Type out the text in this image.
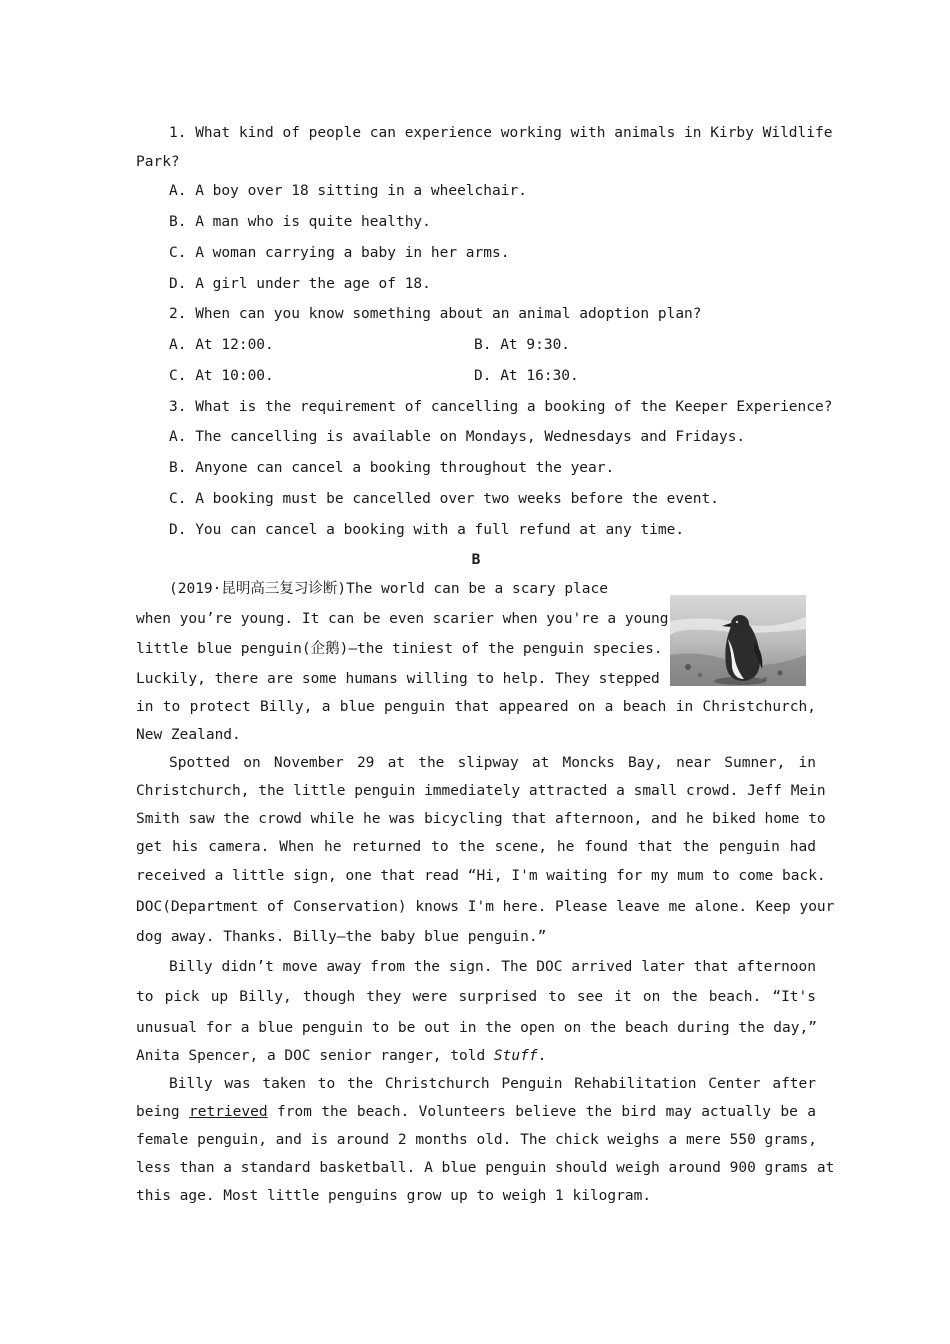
1. What kind of people can experience working with animals in Kirby Wildlife
Park?
A. A boy over 18 sitting in a wheelchair.
B. A man who is quite healthy.
C. A woman carrying a baby in her arms.
D. A girl under the age of 18.
2. When can you know something about an animal adoption plan?
A. At 12:00.	B. At 9:30.
C. At 10:00.	D. At 16:30.
3. What is the requirement of cancelling a booking of the Keeper Experience?
A. The cancelling is available on Mondays, Wednesdays and Fridays.
B. Anyone can cancel a booking throughout the year.
C. A booking must be cancelled over two weeks before the event.
D. You can cancel a booking with a full refund at any time.
B
(2019·昆明高三复习诊断)The world can be a scary place
when you’re young. It can be even scarier when you're a young
little blue penguin(企鹅)—the tiniest of the penguin species.
Luckily, there are some humans willing to help. They stepped
in to protect Billy, a blue penguin that appeared on a beach in Christchurch,
New Zealand.
Spotted on November 29 at the slipway at Moncks Bay, near Sumner, in
Christchurch, the little penguin immediately attracted a small crowd. Jeff Mein
Smith saw the crowd while he was bicycling that afternoon, and he biked home to
get his camera. When he returned to the scene, he found that the penguin had
received a little sign, one that read “Hi, I'm waiting for my mum to come back.
DOC(Department of Conservation) knows I'm here. Please leave me alone. Keep your
dog away. Thanks. Billy—the baby blue penguin.”
Billy didn’t move away from the sign. The DOC arrived later that afternoon
to pick up Billy, though they were surprised to see it on the beach. “It's
unusual for a blue penguin to be out in the open on the beach during the day,”
Anita Spencer, a DOC senior ranger, told Stuff.
Billy was taken to the Christchurch Penguin Rehabilitation Center after
being retrieved from the beach. Volunteers believe the bird may actually be a
female penguin, and is around 2 months old. The chick weighs a mere 550 grams,
less than a standard basketball. A blue penguin should weigh around 900 grams at
this age. Most little penguins grow up to weigh 1 kilogram.
